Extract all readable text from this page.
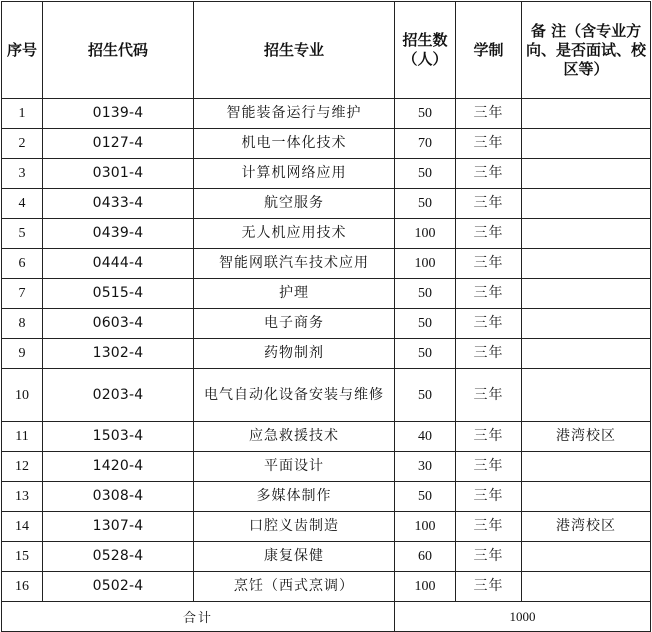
序号	招生代码	招生专业	招生数（人）	学制	备 注（含专业方向、是否面试、校区等）
1	0139-4	智能装备运行与维护	50	三年	
2	0127-4	机电一体化技术	70	三年	
3	0301-4	计算机网络应用	50	三年	
4	0433-4	航空服务	50	三年	
5	0439-4	无人机应用技术	100	三年	
6	0444-4	智能网联汽车技术应用	100	三年	
7	0515-4	护理	50	三年	
8	0603-4	电子商务	50	三年	
9	1302-4	药物制剂	50	三年	
10	0203-4	电气自动化设备安装与维修	50	三年	
11	1503-4	应急救援技术	40	三年	港湾校区
12	1420-4	平面设计	30	三年	
13	0308-4	多媒体制作	50	三年	
14	1307-4	口腔义齿制造	100	三年	港湾校区
15	0528-4	康复保健	60	三年	
16	0502-4	烹饪（西式烹调）	100	三年	
合计			1000		
